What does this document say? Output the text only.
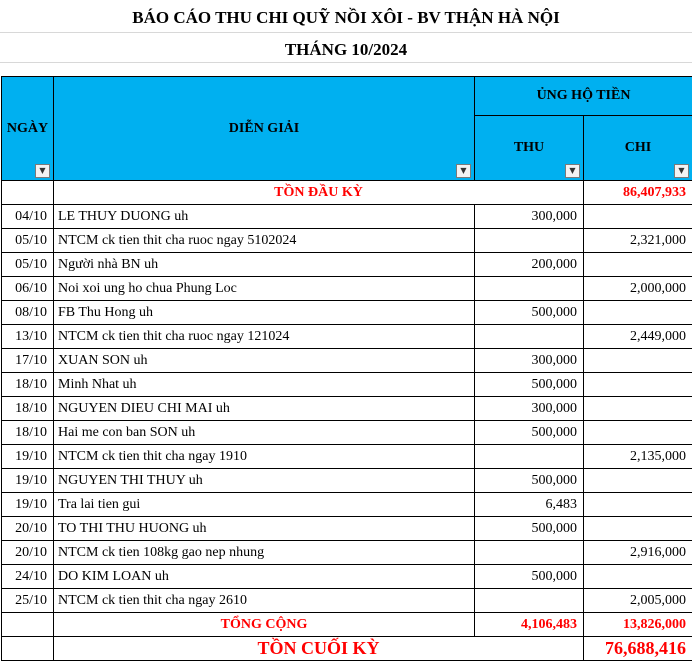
BÁO CÁO THU CHI QUỸ NỒI XÔI - BV THẬN HÀ NỘI
THÁNG 10/2024
NGÀY
▼	DIỄN GIẢI
▼	ỦNG HỘ TIỀN	
		THU
▼	CHI
▼

	TỒN ĐẦU KỲ		86,407,933
04/10	LE THUY DUONG uh	300,000	
05/10	NTCM ck tien thit cha ruoc ngay 5102024		2,321,000
05/10	Người nhà BN uh	200,000	
06/10	Noi xoi ung ho chua Phung Loc		2,000,000
08/10	FB Thu Hong uh	500,000	
13/10	NTCM ck tien thit cha ruoc ngay 121024		2,449,000
17/10	XUAN SON uh	300,000	
18/10	Minh Nhat uh	500,000	
18/10	NGUYEN DIEU CHI MAI uh	300,000	
18/10	Hai me con ban SON uh	500,000	
19/10	NTCM ck tien thit cha ngay 1910		2,135,000
19/10	NGUYEN THI THUY uh	500,000	
19/10	Tra lai tien gui	6,483	
20/10	TO THI THU HUONG uh	500,000	
20/10	NTCM ck tien 108kg gao nep nhung		2,916,000
24/10	DO KIM LOAN uh	500,000	
25/10	NTCM ck tien thit cha ngay 2610		2,005,000
	TỔNG CỘNG	4,106,483	13,826,000
	TỒN CUỐI KỲ		76,688,416
